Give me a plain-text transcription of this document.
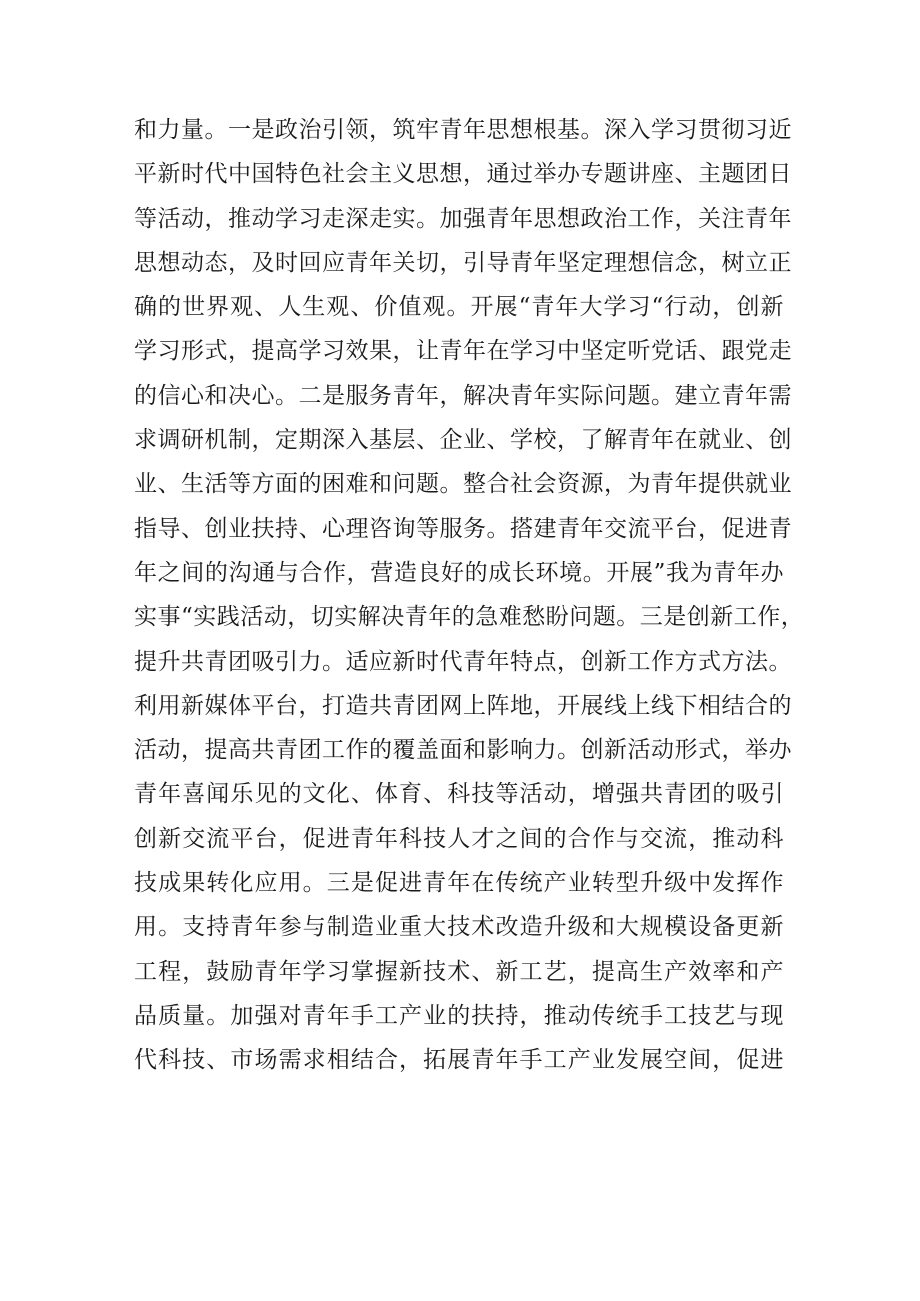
和力量。一是政治引领，筑牢青年思想根基。深入学习贯彻习近
平新时代中国特色社会主义思想，通过举办专题讲座、主题团日
等活动，推动学习走深走实。加强青年思想政治工作，关注青年
思想动态，及时回应青年关切，引导青年坚定理想信念，树立正
确的世界观、人生观、价值观。开展“青年大学习“行动，创新
学习形式，提高学习效果，让青年在学习中坚定听党话、跟党走
的信心和决心。二是服务青年，解决青年实际问题。建立青年需
求调研机制，定期深入基层、企业、学校，了解青年在就业、创
业、生活等方面的困难和问题。整合社会资源，为青年提供就业
指导、创业扶持、心理咨询等服务。搭建青年交流平台，促进青
年之间的沟通与合作，营造良好的成长环境。开展”我为青年办
实事“实践活动，切实解决青年的急难愁盼问题。三是创新工作，
提升共青团吸引力。适应新时代青年特点，创新工作方式方法。
利用新媒体平台，打造共青团网上阵地，开展线上线下相结合的
活动，提高共青团工作的覆盖面和影响力。创新活动形式，举办
青年喜闻乐见的文化、体育、科技等活动，增强共青团的吸引
创新交流平台，促进青年科技人才之间的合作与交流，推动科
技成果转化应用。三是促进青年在传统产业转型升级中发挥作
用。支持青年参与制造业重大技术改造升级和大规模设备更新
工程，鼓励青年学习掌握新技术、新工艺，提高生产效率和产
品质量。加强对青年手工产业的扶持，推动传统手工技艺与现
代科技、市场需求相结合，拓展青年手工产业发展空间，促进
